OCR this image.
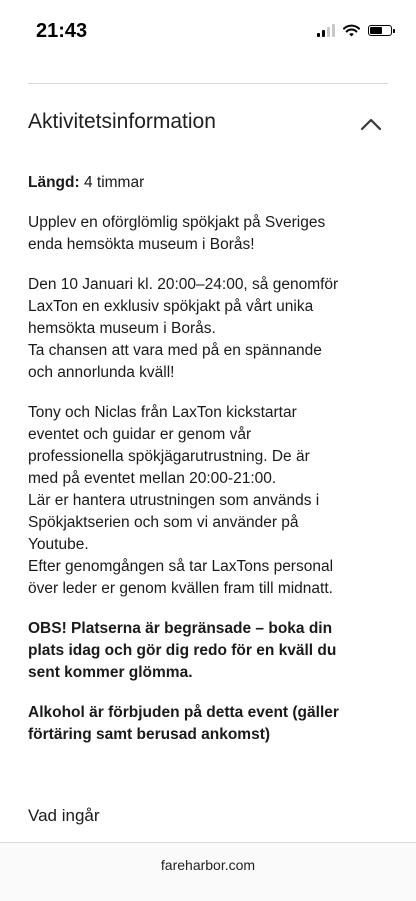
21:43
Aktivitetsinformation

Längd: 4 timmar

Upplev en oförglömlig spökjakt på Sveriges
enda hemsökta museum i Borås!

Den 10 Januari kl. 20:00–24:00, så genomför
LaxTon en exklusiv spökjakt på vårt unika
hemsökta museum i Borås.
Ta chansen att vara med på en spännande
och annorlunda kväll!

Tony och Niclas från LaxTon kickstartar
eventet och guidar er genom vår
professionella spökjägarutrustning. De är
med på eventet mellan 20:00-21:00.
Lär er hantera utrustningen som används i
Spökjaktserien och som vi använder på
Youtube.
Efter genomgången så tar LaxTons personal
över leder er genom kvällen fram till midnatt.

OBS! Platserna är begränsade – boka din
plats idag och gör dig redo för en kväll du
sent kommer glömma.

Alkohol är förbjuden på detta event (gäller
förtäring samt berusad ankomst)

Vad ingår
fareharbor.com
